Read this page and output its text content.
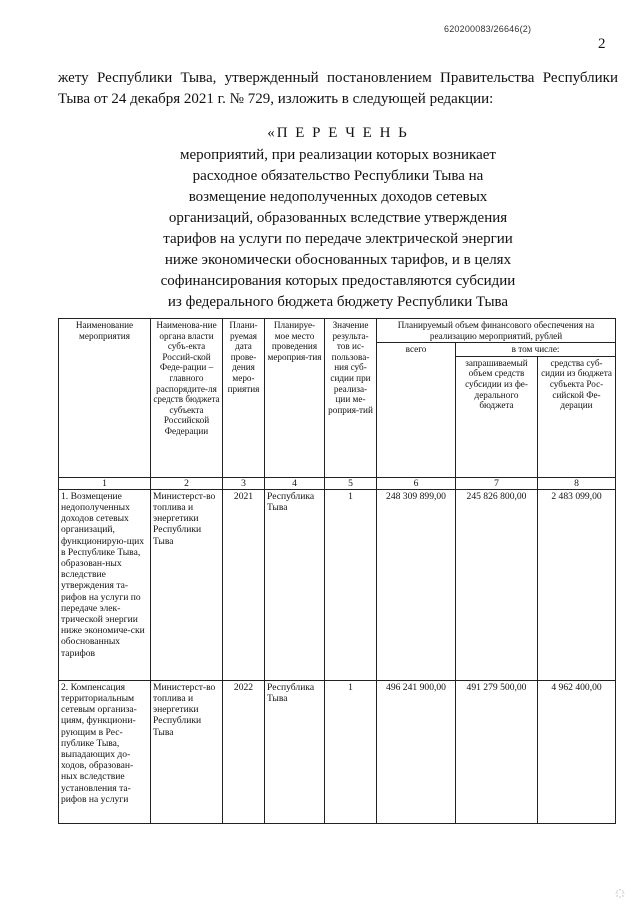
620200083/26646(2)
2
жету Республики Тыва, утвержденный постановлением Правительства Республики
Тыва от 24 декабря 2021 г. № 729, изложить в следующей редакции:
«П Е Р Е Ч Е Н Ь
мероприятий, при реализации которых возникает
расходное обязательство Республики Тыва на
возмещение недополученных доходов сетевых
организаций, образованных вследствие утверждения
тарифов на услуги по передаче электрической энергии
ниже экономически обоснованных тарифов, и в целях
софинансирования которых предоставляются субсидии
из федерального бюджета бюджету Республики Тыва
Наименование мероприятия	Наименова-ние органа власти субъ-екта Россий-ской Феде-рации – главного распорядите-ля средств бюджета субъекта Российской Федерации	Плани-руемая дата прове-дения меро-приятия	Планируе-мое место проведения мероприя-тия	Значение результа-тов ис-пользова-ния суб-сидии при реализа-ции ме-роприя-тий	Планируемый объем финансового обеспечения на реализацию мероприятий, рублей		
					всего	в том числе:	
						запрашиваемый объем средств субсидии из фе-дерального бюджета	средства суб-сидии из бюджета субъекта Рос-сийской Фе-дерации
1	2	3	4	5	6	7	8
1. Возмещение недополученных доходов сетевых организаций, функционирую-щих в Республике Тыва, образован-ных вследствие утверждения та-рифов на услуги по передаче элек-трической энергии ниже экономиче-ски обоснованных тарифов	Министерст-во топлива и энергетики Республики Тыва	2021	Республика Тыва	1	248 309 899,00	245 826 800,00	2 483 099,00
2. Компенсация территориальным сетевым организа-циям, функциони-рующим в Рес-публике Тыва, выпадающих до-ходов, образован-ных вследствие установления та-рифов на услуги	Министерст-во топлива и энергетики Республики Тыва	2022	Республика Тыва	1	496 241 900,00	491 279 500,00	4 962 400,00
